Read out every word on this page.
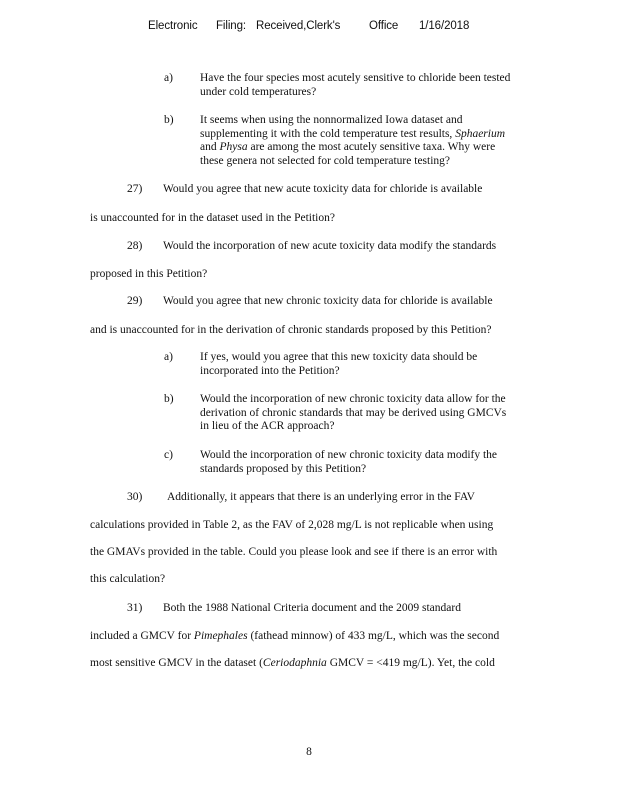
Electronic Filing: Received,Clerk's Office 1/16/2018
a) Have the four species most acutely sensitive to chloride been tested
under cold temperatures?
b) It seems when using the nonnormalized Iowa dataset and
supplementing it with the cold temperature test results, Sphaerium
and Physa are among the most acutely sensitive taxa. Why were
these genera not selected for cold temperature testing?
27) Would you agree that new acute toxicity data for chloride is available
is unaccounted for in the dataset used in the Petition?
28) Would the incorporation of new acute toxicity data modify the standards
proposed in this Petition?
29) Would you agree that new chronic toxicity data for chloride is available
and is unaccounted for in the derivation of chronic standards proposed by this Petition?
a) If yes, would you agree that this new toxicity data should be
incorporated into the Petition?
b) Would the incorporation of new chronic toxicity data allow for the
derivation of chronic standards that may be derived using GMCVs
in lieu of the ACR approach?
c) Would the incorporation of new chronic toxicity data modify the
standards proposed by this Petition?
30) Additionally, it appears that there is an underlying error in the FAV
calculations provided in Table 2, as the FAV of 2,028 mg/L is not replicable when using
the GMAVs provided in the table. Could you please look and see if there is an error with
this calculation?
31) Both the 1988 National Criteria document and the 2009 standard
included a GMCV for Pimephales (fathead minnow) of 433 mg/L, which was the second
most sensitive GMCV in the dataset (Ceriodaphnia GMCV = <419 mg/L). Yet, the cold
8
